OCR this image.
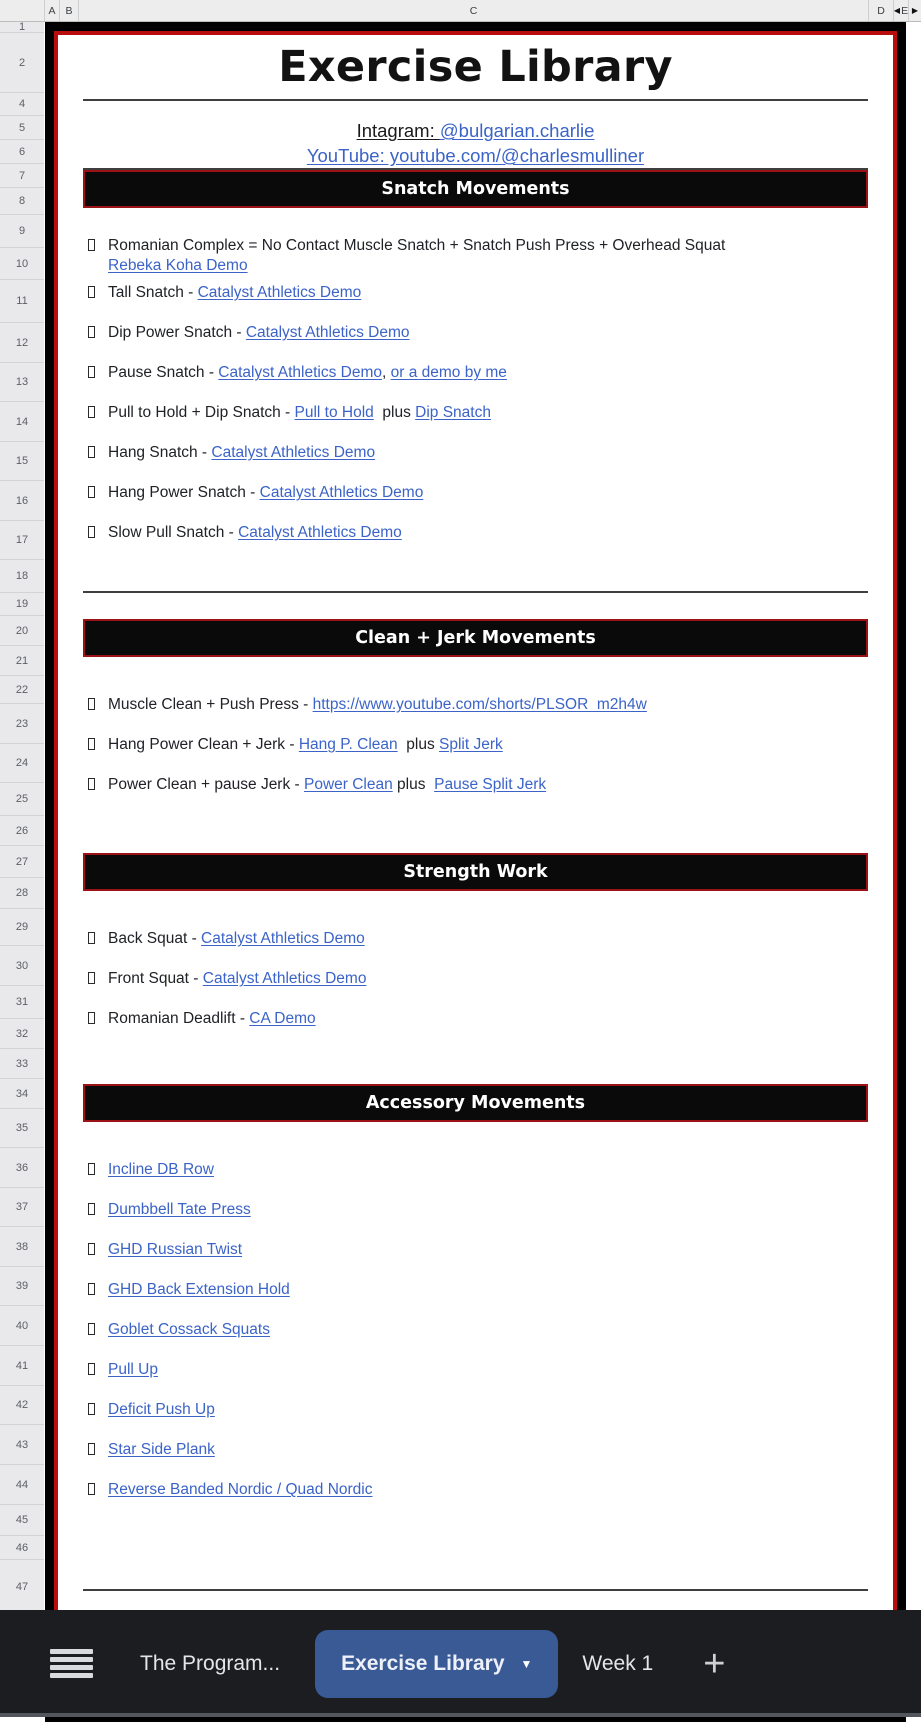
A B	C	D	◀ E ▶
1
2
4
5
6
7
8
9
10
11
12
13
14
15
16
17
18
19
20
21
22
23
24
25
26
27
28
29
30
31
32
33
34
35
36
37
38
39
40
41
42
43
44
45
46
47
Exercise Library
Intagram: @bulgarian.charlie
YouTube: youtube.com/@charlesmulliner
Snatch Movements
Romanian Complex = No Contact Muscle Snatch + Snatch Push Press + Overhead Squat
Rebeka Koha Demo
Tall Snatch - Catalyst Athletics Demo
Dip Power Snatch - Catalyst Athletics Demo
Pause Snatch - Catalyst Athletics Demo, or a demo by me
Pull to Hold + Dip Snatch - Pull to Hold  plus Dip Snatch
Hang Snatch - Catalyst Athletics Demo
Hang Power Snatch - Catalyst Athletics Demo
Slow Pull Snatch - Catalyst Athletics Demo
Clean + Jerk Movements
Muscle Clean + Push Press - https://www.youtube.com/shorts/PLSOR_m2h4w
Hang Power Clean + Jerk - Hang P. Clean  plus Split Jerk
Power Clean + pause Jerk - Power Clean plus  Pause Split Jerk
Strength Work
Back Squat - Catalyst Athletics Demo
Front Squat - Catalyst Athletics Demo
Romanian Deadlift - CA Demo
Accessory Movements
Incline DB Row
Dumbbell Tate Press
GHD Russian Twist
GHD Back Extension Hold
Goblet Cossack Squats
Pull Up
Deficit Push Up
Star Side Plank
Reverse Banded Nordic / Quad Nordic
The Program...	Exercise Library ▼ Week 1 +
